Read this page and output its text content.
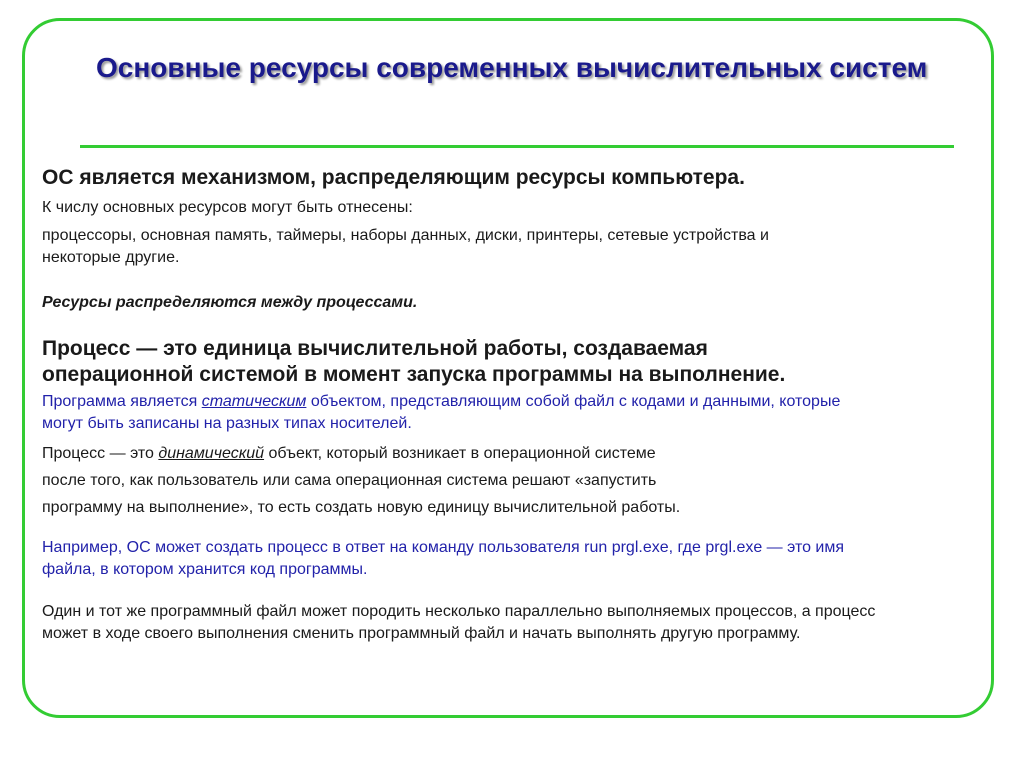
Основные ресурсы современных вычислительных систем

ОС является механизмом, распределяющим ресурсы компьютера.

К числу основных ресурсов могут быть отнесены:

процессоры, основная память, таймеры, наборы данных, диски, принтеры, сетевые устройства и некоторые другие.

Ресурсы распределяются между процессами.

Процесс — это единица вычислительной работы, создаваемая операционной системой в момент запуска программы на выполнение.

Программа является статическим объектом, представляющим собой файл с кодами и данными, которые могут быть записаны на разных типах носителей.

Процесс — это динамический объект, который возникает в операционной системе
после того, как пользователь или сама операционная система решают «запустить
программу на выполнение», то есть создать новую единицу вычислительной работы.

Например, ОС может создать процесс в ответ на команду пользователя run prgl.exe, где prgl.exe — это имя файла, в котором хранится код программы.

Один и тот же программный файл может породить несколько параллельно выполняемых процессов, а процесс может в ходе своего выполнения сменить программный файл и начать выполнять другую программу.
